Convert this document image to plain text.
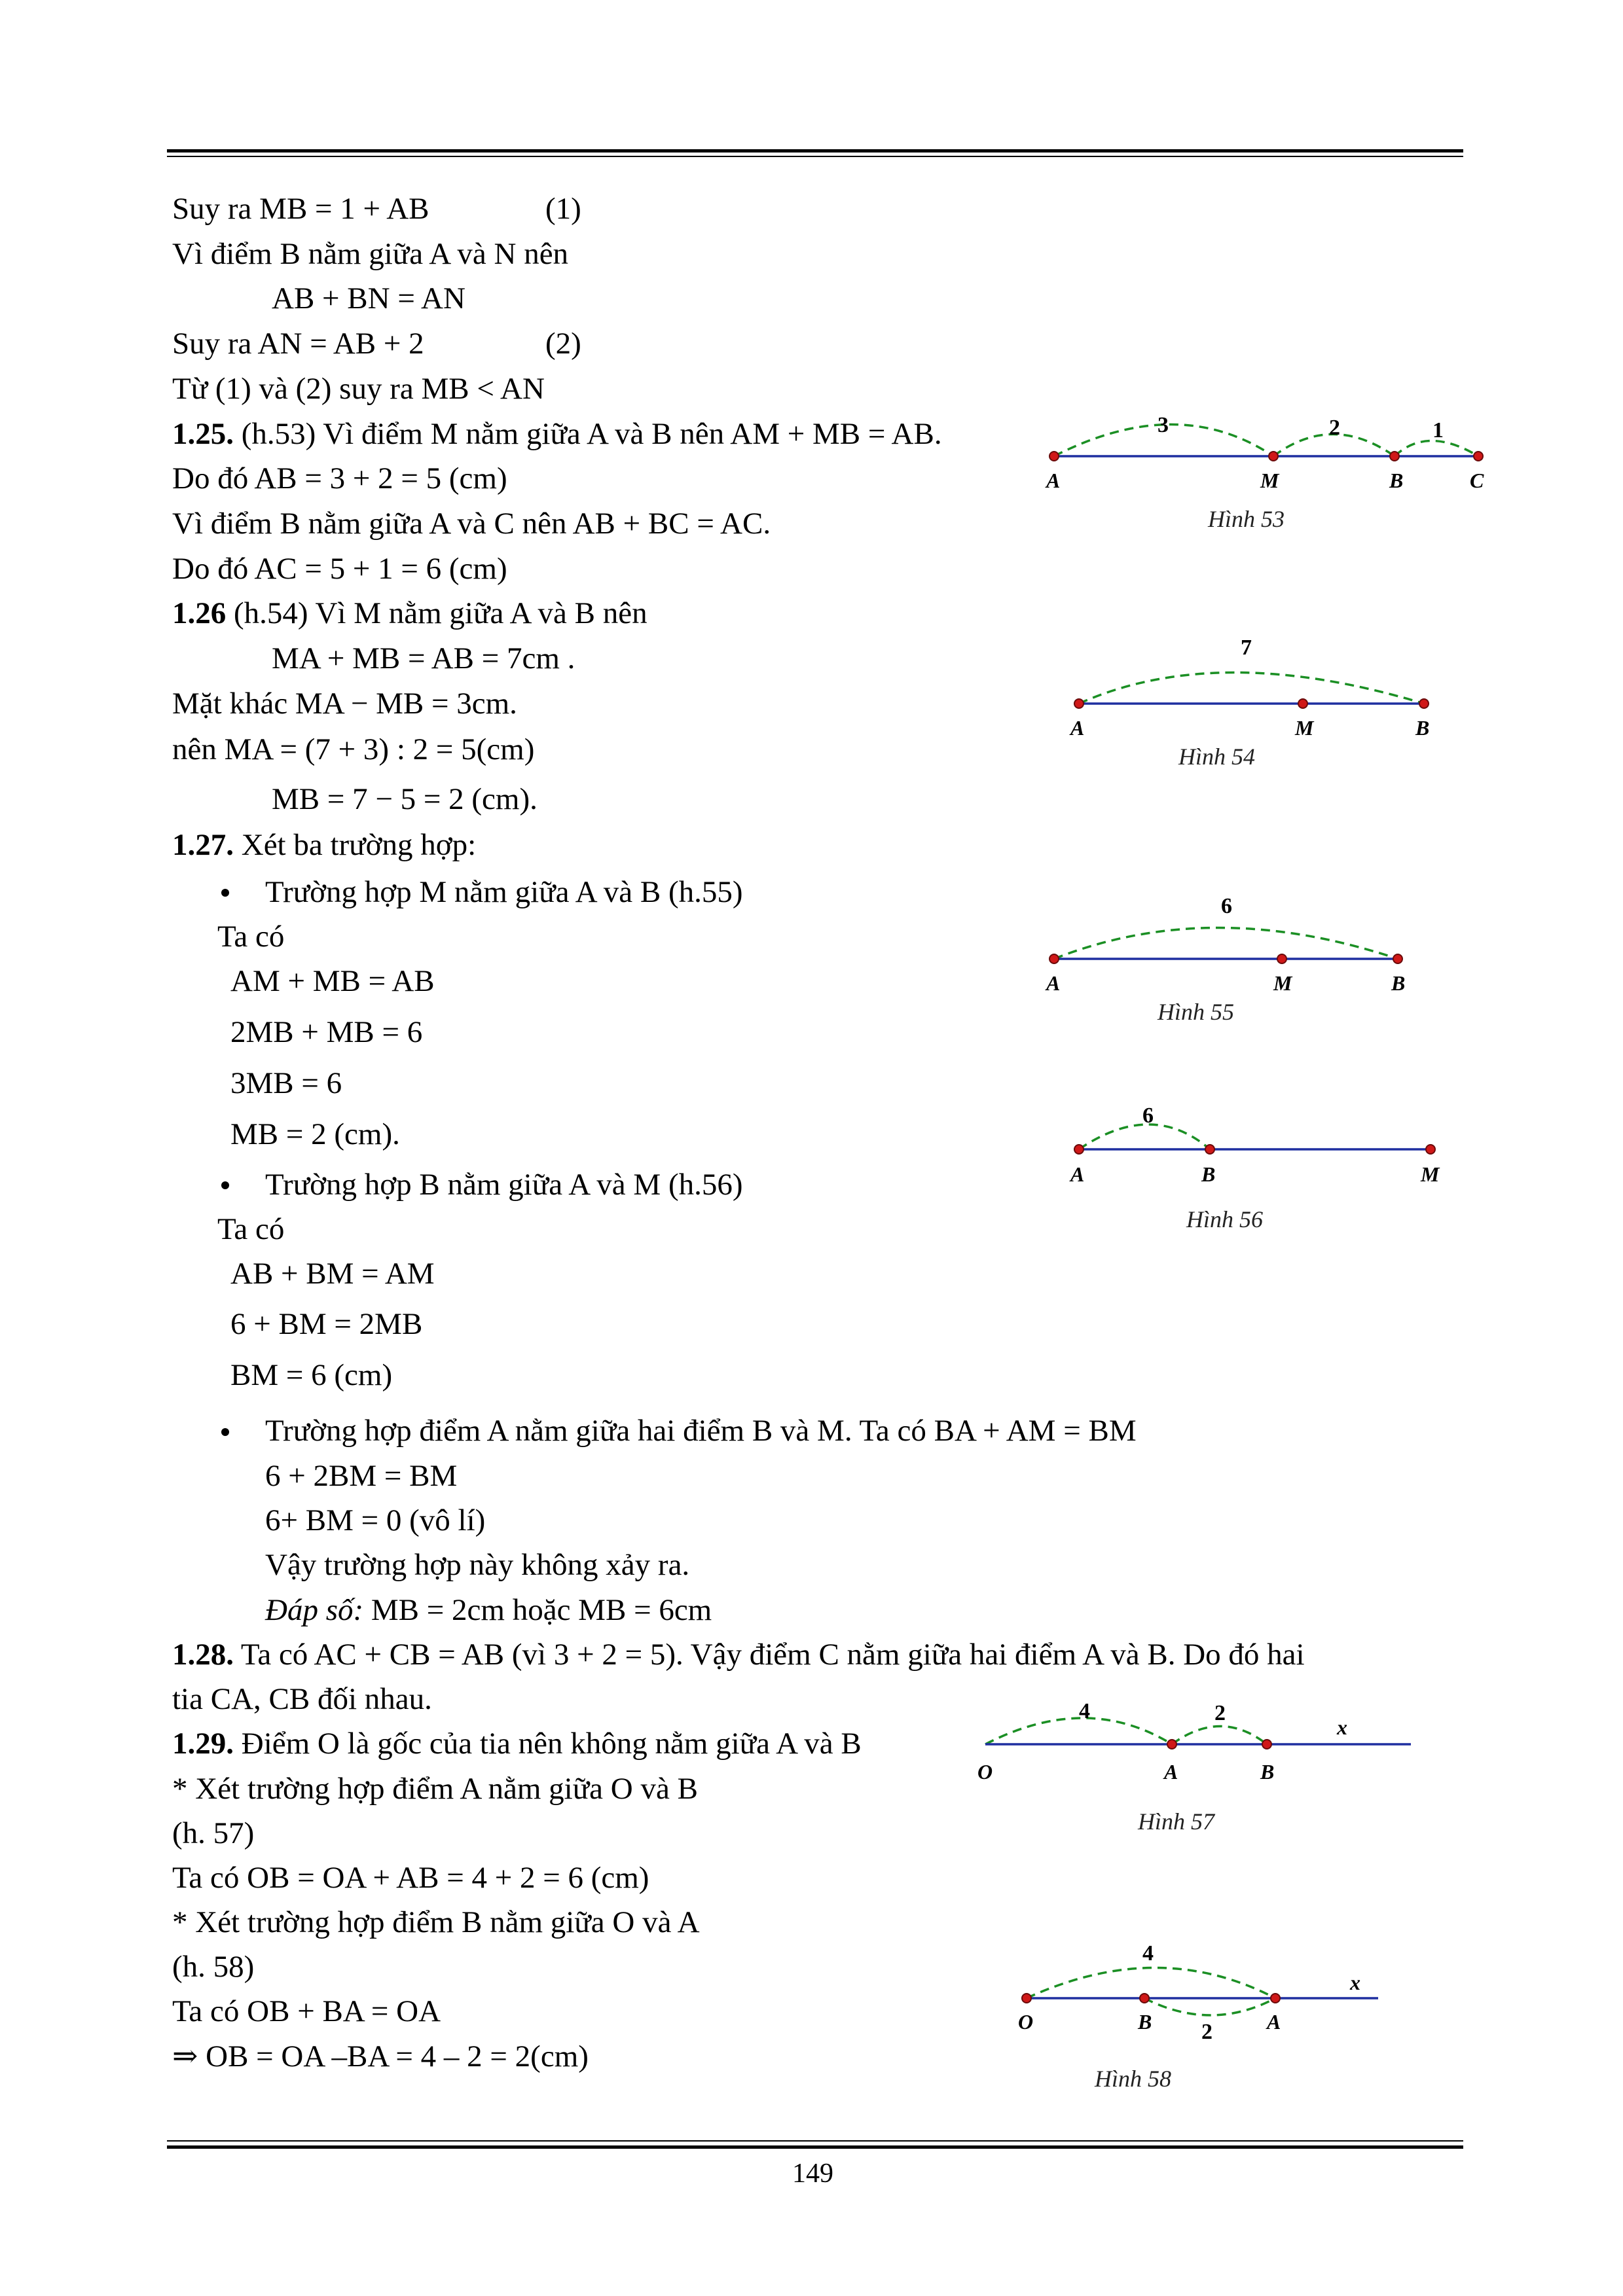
Suy ra MB = 1 + AB	(1)
Vì điểm B nằm giữa A và N nên
AB + BN = AN
Suy ra AN = AB + 2	(2)
Từ (1) và (2) suy ra MB < AN
1.25. (h.53) Vì điểm M nằm giữa A và B nên AM + MB = AB.
Do đó AB = 3 + 2 = 5 (cm)
Vì điểm B nằm giữa A và C nên AB + BC = AC.
Do đó AC = 5 + 1 = 6 (cm)
1.26 (h.54) Vì M nằm giữa A và B nên
MA + MB = AB = 7cm .
Mặt khác MA − MB = 3cm.
nên MA = (7 + 3) : 2 = 5(cm)
MB = 7 − 5 = 2 (cm).
1.27. Xét ba trường hợp:
Trường hợp M nằm giữa A và B (h.55)
Ta có
AM + MB = AB
2MB + MB = 6
3MB = 6
MB = 2 (cm).
Trường hợp B nằm giữa A và M (h.56)
Ta có
AB + BM = AM
6 + BM = 2MB
BM = 6 (cm)
Trường hợp điểm A nằm giữa hai điểm B và M. Ta có BA + AM = BM
6 + 2BM = BM
6+ BM = 0 (vô lí)
Vậy trường hợp này không xảy ra.
Đáp số: MB = 2cm hoặc MB = 6cm
1.28. Ta có AC + CB = AB (vì 3 + 2 = 5). Vậy điểm C nằm giữa hai điểm A và B. Do đó hai
tia CA, CB đối nhau.
1.29. Điểm O là gốc của tia nên không nằm giữa A và B
* Xét trường hợp điểm A nằm giữa O và B
(h. 57)
Ta có OB = OA + AB = 4 + 2 = 6 (cm)
* Xét trường hợp điểm B nằm giữa O và A
(h. 58)
Ta có OB + BA = OA
⇒ OB = OA –BA = 4 – 2 = 2(cm)
3	2	1
A	M	B	C
Hình 53
7
A	M	B
Hình 54
6
A	M	B
Hình 55
6
A	B	M
Hình 56
4	2
x
O	A	B
Hình 57
4
2
x
O	B	A
Hình 58
149
